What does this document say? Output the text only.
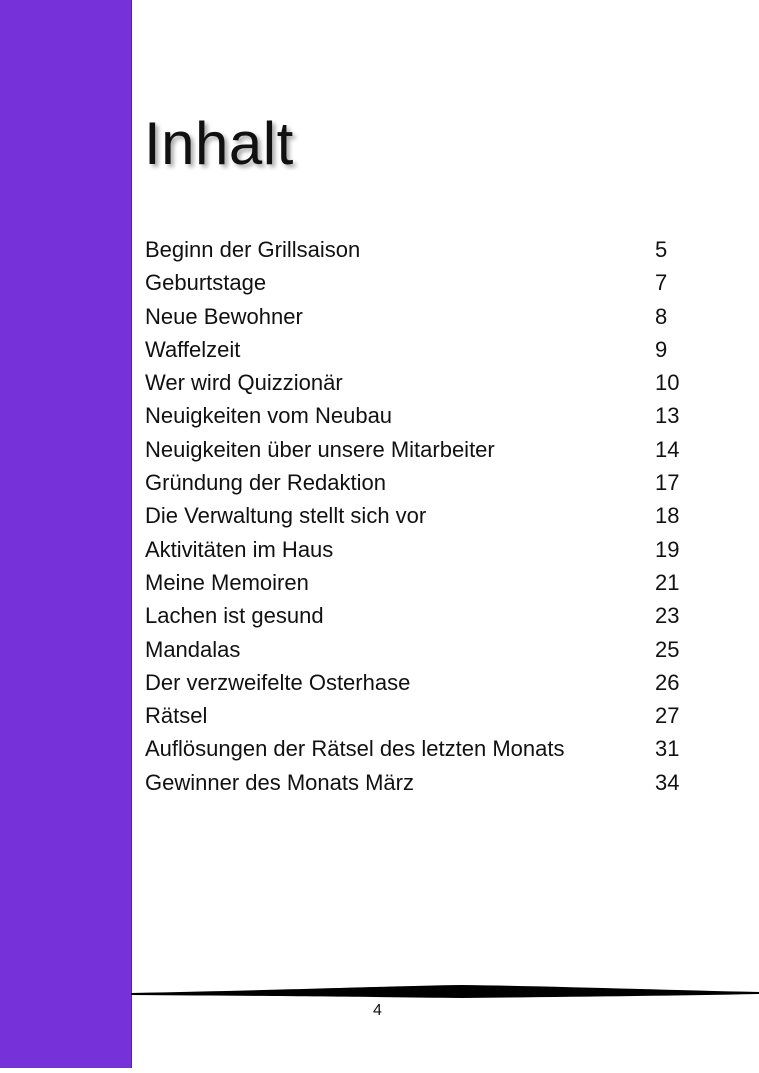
Inhalt
Beginn der Grillsaison	5
Geburtstage	7
Neue Bewohner	8
Waffelzeit	9
Wer wird Quizzionär	10
Neuigkeiten vom Neubau	13
Neuigkeiten über unsere Mitarbeiter	14
Gründung der Redaktion	17
Die Verwaltung stellt sich vor	18
Aktivitäten im Haus	19
Meine Memoiren	21
Lachen ist gesund	23
Mandalas	25
Der verzweifelte Osterhase	26
Rätsel	27
Auflösungen der Rätsel des letzten Monats	31
Gewinner des Monats März	34
4
